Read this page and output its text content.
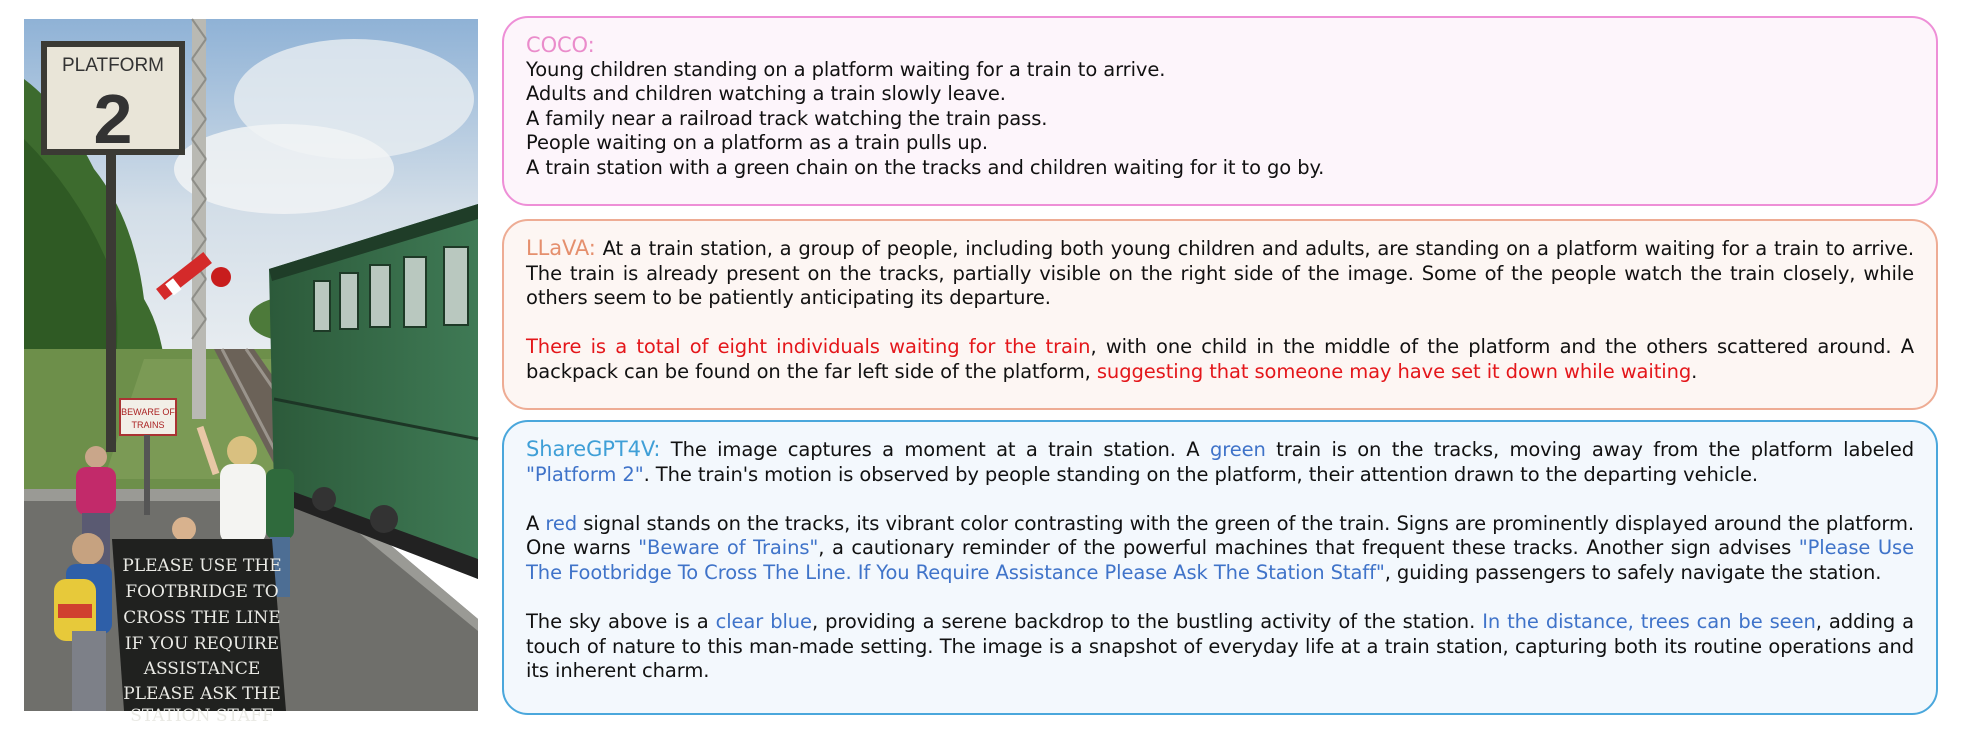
PLATFORM
2
BEWARE OF
TRAINS
PLEASE USE THE
FOOTBRIDGE TO
CROSS THE LINE
IF YOU REQUIRE
ASSISTANCE
PLEASE ASK THE
STATION STAFF
COCO:
Young children standing on a platform waiting for a train to arrive.
Adults and children watching a train slowly leave.
A family near a railroad track watching the train pass.
People waiting on a platform as a train pulls up.
A train station with a green chain on the tracks and children waiting for it to go by.

LLaVA: At a train station, a group of people, including both young children and adults, are standing on a platform waiting for a train to arrive. The train is already present on the tracks, partially visible on the right side of the image. Some of the people watch the train closely, while others seem to be patiently anticipating its departure.

There is a total of eight individuals waiting for the train, with one child in the middle of the platform and the others scattered around. A backpack can be found on the far left side of the platform, suggesting that someone may have set it down while waiting.

ShareGPT4V: The image captures a moment at a train station. A green train is on the tracks, moving away from the platform labeled "Platform 2". The train's motion is observed by people standing on the platform, their attention drawn to the departing vehicle.

A red signal stands on the tracks, its vibrant color contrasting with the green of the train. Signs are prominently displayed around the platform. One warns "Beware of Trains", a cautionary reminder of the powerful machines that frequent these tracks. Another sign advises "Please Use The Footbridge To Cross The Line. If You Require Assistance Please Ask The Station Staff", guiding passengers to safely navigate the station.

The sky above is a clear blue, providing a serene backdrop to the bustling activity of the station. In the distance, trees can be seen, adding a touch of nature to this man-made setting. The image is a snapshot of everyday life at a train station, capturing both its routine operations and its inherent charm.
